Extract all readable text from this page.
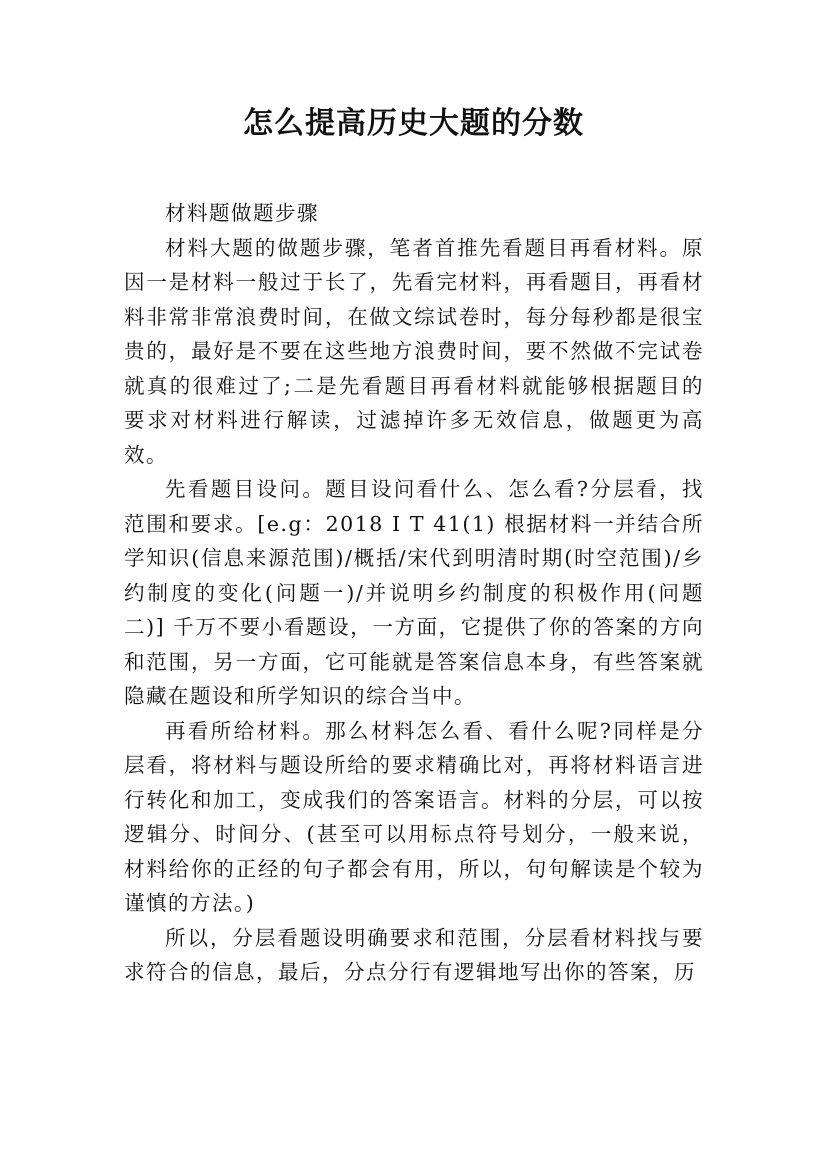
怎么提高历史大题的分数

材料题做题步骤

材料大题的做题步骤，笔者首推先看题目再看材料。原因一是材料一般过于长了，先看完材料，再看题目，再看材料非常非常浪费时间，在做文综试卷时，每分每秒都是很宝贵的，最好是不要在这些地方浪费时间，要不然做不完试卷就真的很难过了;二是先看题目再看材料就能够根据题目的要求对材料进行解读，过滤掉许多无效信息，做题更为高效。

先看题目设问。题目设问看什么、怎么看?分层看，找范围和要求。[e.g：2018 I T 41(1) 根据材料一并结合所学知识(信息来源范围)/概括/宋代到明清时期(时空范围)/乡约制度的变化(问题一)/并说明乡约制度的积极作用(问题二)] 千万不要小看题设，一方面，它提供了你的答案的方向和范围，另一方面，它可能就是答案信息本身，有些答案就隐藏在题设和所学知识的综合当中。

再看所给材料。那么材料怎么看、看什么呢?同样是分层看，将材料与题设所给的要求精确比对，再将材料语言进行转化和加工，变成我们的答案语言。材料的分层，可以按逻辑分、时间分、(甚至可以用标点符号划分，一般来说，材料给你的正经的句子都会有用，所以，句句解读是个较为谨慎的方法。)

所以，分层看题设明确要求和范围，分层看材料找与要求符合的信息，最后，分点分行有逻辑地写出你的答案，历
